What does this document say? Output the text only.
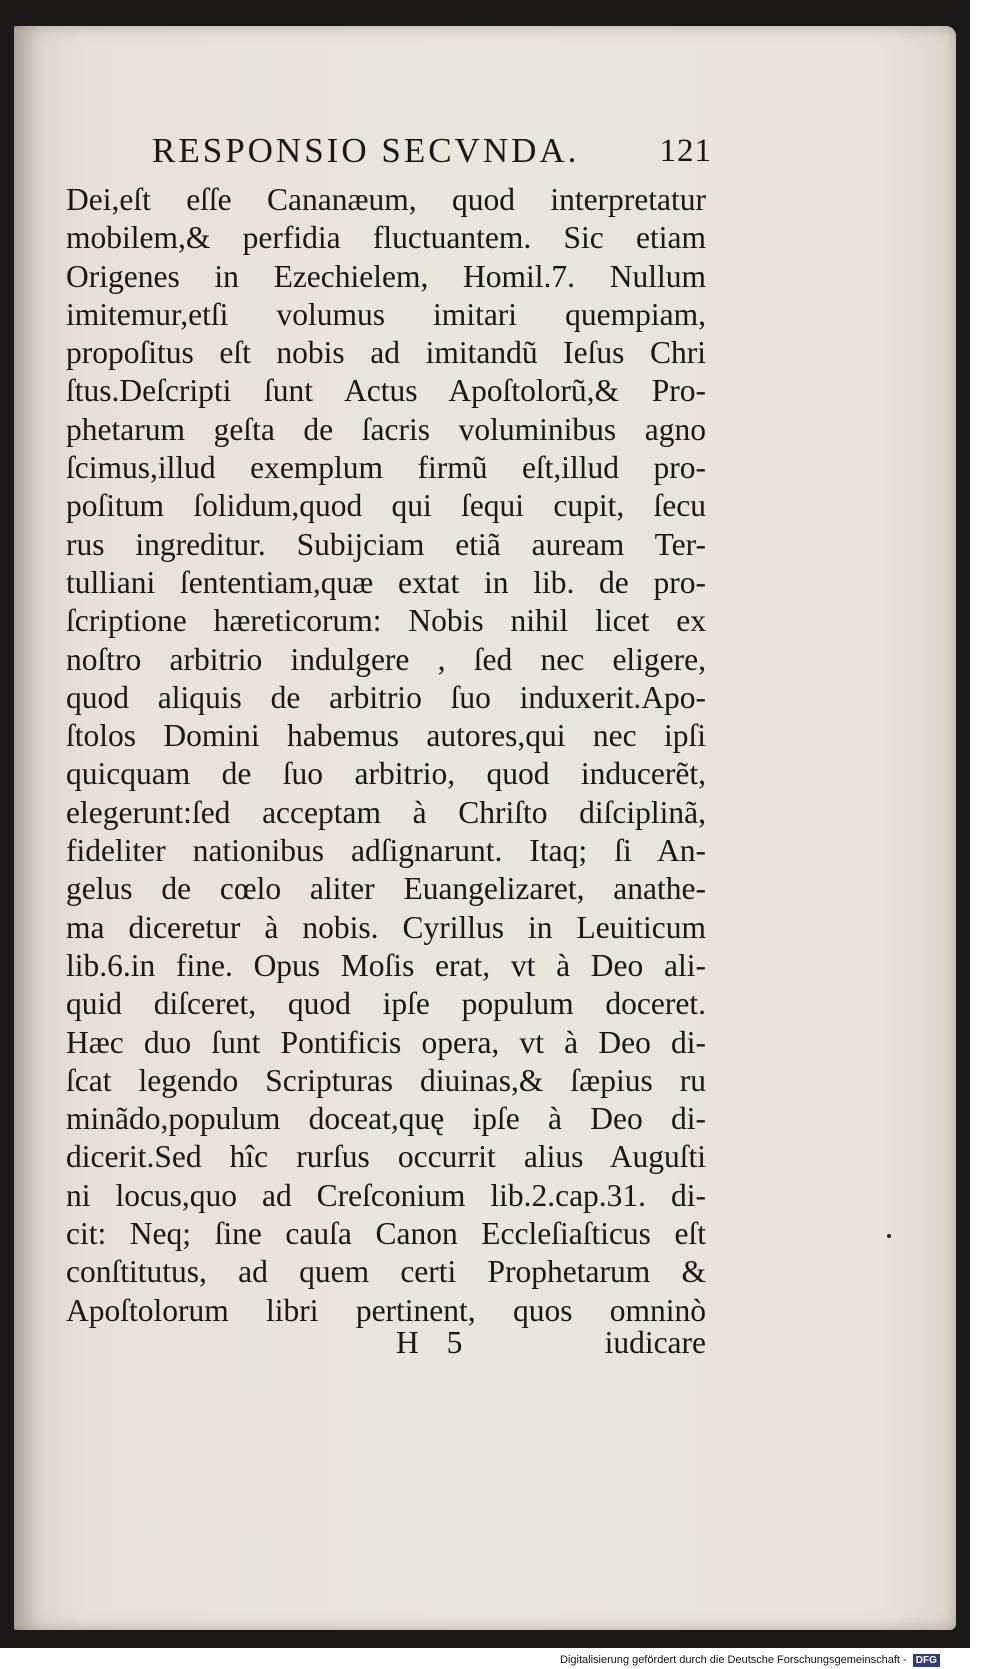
RESPONSIO SECVNDA. 121
Dei,eſt eſſe Cananæum, quod interpretatur
mobilem,& perfidia fluctuantem. Sic etiam
Origenes in Ezechielem, Homil.7. Nullum
imitemur,etſi volumus imitari quempiam,
propoſitus eſt nobis ad imitandũ Ieſus Chri
ſtus.Deſcripti ſunt Actus Apoſtolorũ,& Pro-
phetarum geſta de ſacris voluminibus agno
ſcimus,illud exemplum firmũ eſt,illud pro-
poſitum ſolidum,quod qui ſequi cupit, ſecu
rus ingreditur. Subijciam etiã auream Ter-
tulliani ſententiam,quæ extat in lib. de pro-
ſcriptione hæreticorum: Nobis nihil licet ex
noſtro arbitrio indulgere , ſed nec eligere,
quod aliquis de arbitrio ſuo induxerit.Apo-
ſtolos Domini habemus autores,qui nec ipſi
quicquam de ſuo arbitrio, quod inducerẽt,
elegerunt:ſed acceptam à Chriſto diſciplinã,
fideliter nationibus adſignarunt. Itaq; ſi An-
gelus de cœlo aliter Euangelizaret, anathe-
ma diceretur à nobis. Cyrillus in Leuiticum
lib.6.in fine. Opus Moſis erat, vt à Deo ali-
quid diſceret, quod ipſe populum doceret.
Hæc duo ſunt Pontificis opera, vt à Deo di-
ſcat legendo Scripturas diuinas,& ſæpius ru
minãdo,populum doceat,quę ipſe à Deo di-
dicerit.Sed hîc rurſus occurrit alius Auguſti
ni locus,quo ad Creſconium lib.2.cap.31. di-
cit: Neq; ſine cauſa Canon Eccleſiaſticus eſt
conſtitutus, ad quem certi Prophetarum &
Apoſtolorum libri pertinent, quos omninò
H 5	iudicare
Digitalisierung gefördert durch die Deutsche Forschungsgemeinschaft - DFG
